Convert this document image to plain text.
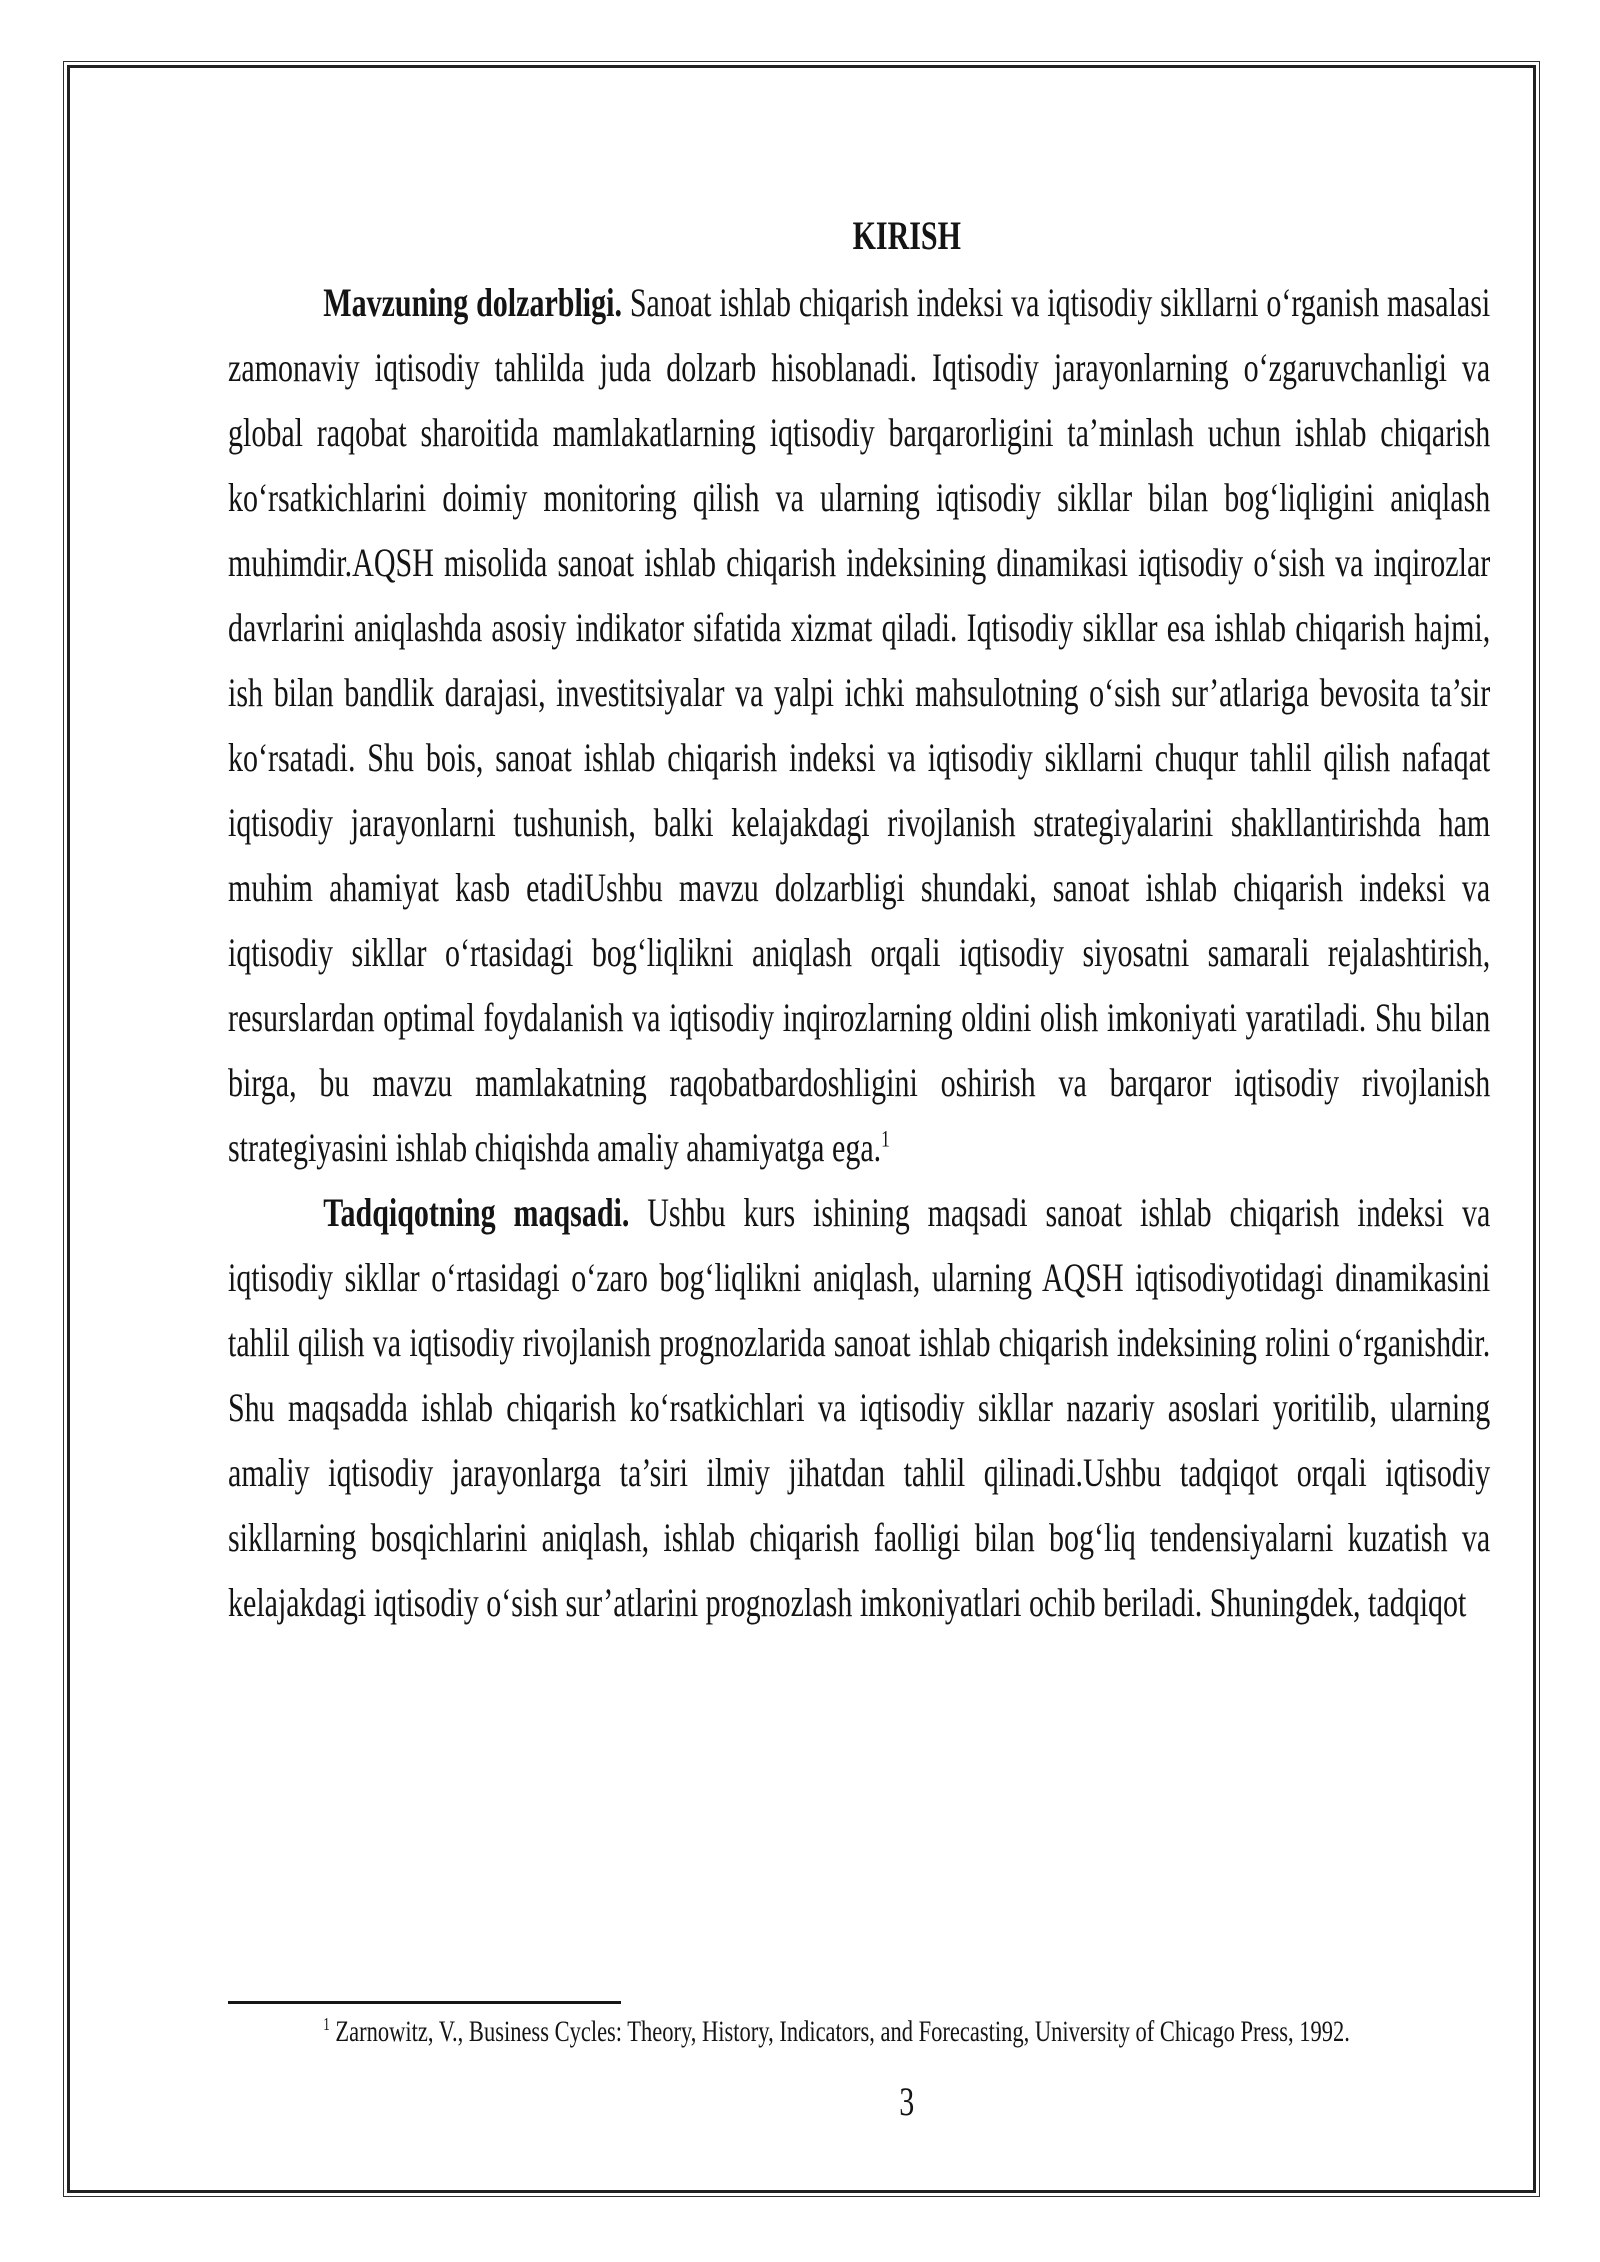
KIRISH

Mavzuning dolzarbligi. Sanoat ishlab chiqarish indeksi va iqtisodiy sikllarni oʻrganish masalasi zamonaviy iqtisodiy tahlilda juda dolzarb hisoblanadi. Iqtisodiy jarayonlarning oʻzgaruvchanligi va global raqobat sharoitida mamlakatlarning iqtisodiy barqarorligini ta’minlash uchun ishlab chiqarish koʻrsatkichlarini doimiy monitoring qilish va ularning iqtisodiy sikllar bilan bogʻliqligini aniqlash muhimdir.AQSH misolida sanoat ishlab chiqarish indeksining dinamikasi iqtisodiy oʻsish va inqirozlar davrlarini aniqlashda asosiy indikator sifatida xizmat qiladi. Iqtisodiy sikllar esa ishlab chiqarish hajmi, ish bilan bandlik darajasi, investitsiyalar va yalpi ichki mahsulotning oʻsish sur’atlariga bevosita ta’sir koʻrsatadi. Shu bois, sanoat ishlab chiqarish indeksi va iqtisodiy sikllarni chuqur tahlil qilish nafaqat iqtisodiy jarayonlarni tushunish, balki kelajakdagi rivojlanish strategiyalarini shakllantirishda ham muhim ahamiyat kasb etadiUshbu mavzu dolzarbligi shundaki, sanoat ishlab chiqarish indeksi va iqtisodiy sikllar oʻrtasidagi bogʻliqlikni aniqlash orqali iqtisodiy siyosatni samarali rejalashtirish, resurslardan optimal foydalanish va iqtisodiy inqirozlarning oldini olish imkoniyati yaratiladi. Shu bilan birga, bu mavzu mamlakatning raqobatbardoshligini oshirish va barqaror iqtisodiy rivojlanish strategiyasini ishlab chiqishda amaliy ahamiyatga ega.$^1$

Tadqiqotning maqsadi. Ushbu kurs ishining maqsadi sanoat ishlab chiqarish indeksi va iqtisodiy sikllar oʻrtasidagi oʻzaro bogʻliqlikni aniqlash, ularning AQSH iqtisodiyotidagi dinamikasini tahlil qilish va iqtisodiy rivojlanish prognozlarida sanoat ishlab chiqarish indeksining rolini oʻrganishdir. Shu maqsadda ishlab chiqarish koʻrsatkichlari va iqtisodiy sikllar nazariy asoslari yoritilib, ularning amaliy iqtisodiy jarayonlarga ta’siri ilmiy jihatdan tahlil qilinadi.Ushbu tadqiqot orqali iqtisodiy sikllarning bosqichlarini aniqlash, ishlab chiqarish faolligi bilan bogʻliq tendensiyalarni kuzatish va kelajakdagi iqtisodiy oʻsish sur’atlarini prognozlash imkoniyatlari ochib beriladi. Shuningdek, tadqiqot

$^1$ Zarnowitz, V., Business Cycles: Theory, History, Indicators, and Forecasting, University of Chicago Press, 1992.
3
